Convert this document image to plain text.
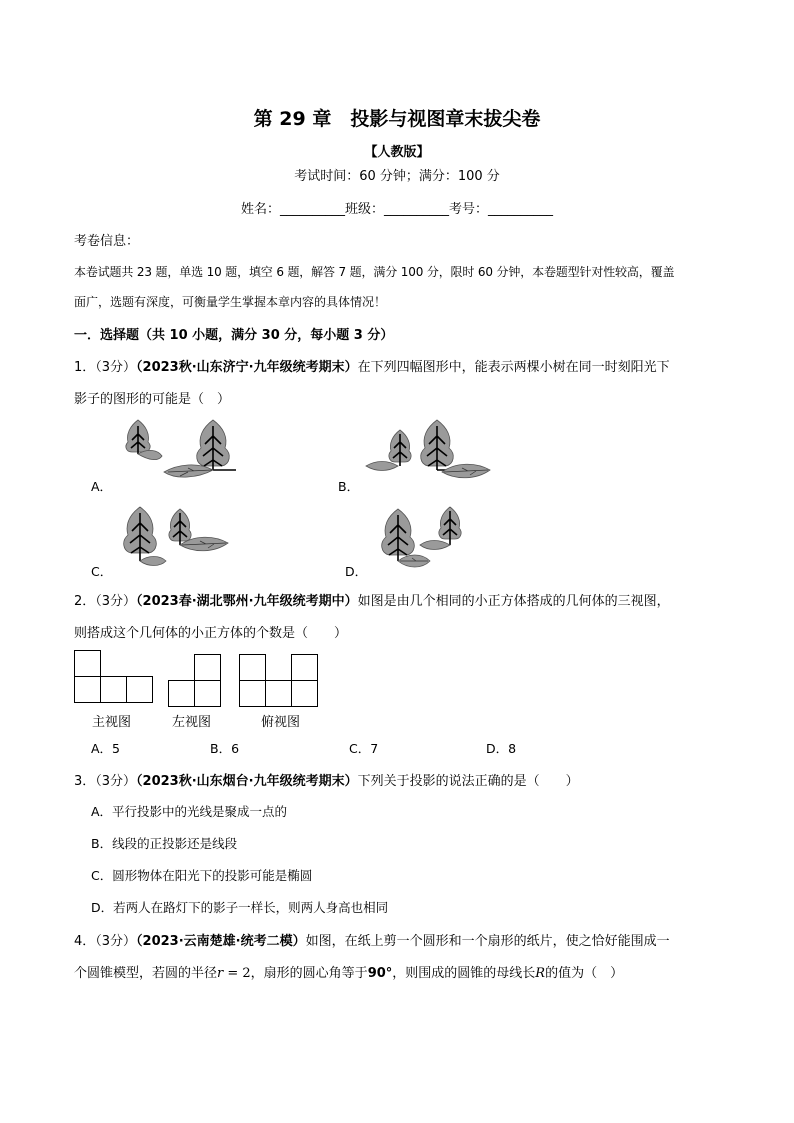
第 29 章　投影与视图章末拔尖卷
【人教版】
考试时间：60 分钟；满分：100 分
姓名：__________班级：__________考号：__________
考卷信息：
本卷试题共 23 题，单选 10 题，填空 6 题，解答 7 题，满分 100 分，限时 60 分钟，本卷题型针对性较高，覆盖
面广，选题有深度，可衡量学生掌握本章内容的具体情况！
一．选择题（共 10 小题，满分 30 分，每小题 3 分）
1．（3分）（2023秋·山东济宁·九年级统考期末）在下列四幅图形中，能表示两棵小树在同一时刻阳光下
影子的图形的可能是（　）
A．	B．
C．	D．
2．（3分）（2023春·湖北鄂州·九年级统考期中）如图是由几个相同的小正方体搭成的几何体的三视图，
则搭成这个几何体的小正方体的个数是（　　）
主视图	左视图	俯视图
A．5	B．6	C．7	D．8
3．（3分）（2023秋·山东烟台·九年级统考期末）下列关于投影的说法正确的是（　　）
A．平行投影中的光线是聚成一点的
B．线段的正投影还是线段
C．圆形物体在阳光下的投影可能是椭圆
D．若两人在路灯下的影子一样长，则两人身高也相同
4．（3分）（2023·云南楚雄·统考二模）如图，在纸上剪一个圆形和一个扇形的纸片，使之恰好能围成一
个圆锥模型，若圆的半径r = 2，扇形的圆心角等于90°，则围成的圆锥的母线长R的值为（　）
